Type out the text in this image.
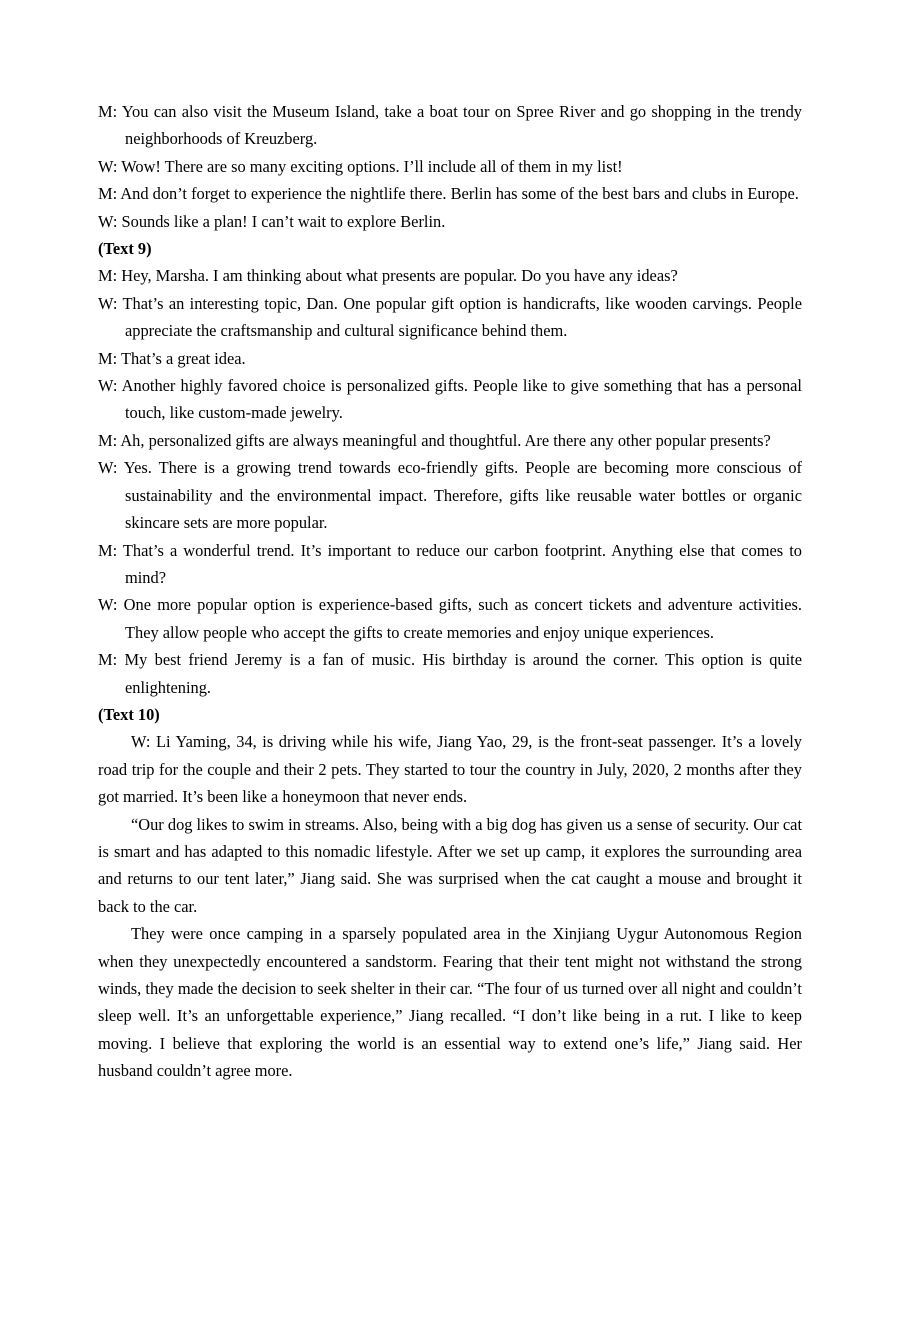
M: You can also visit the Museum Island, take a boat tour on Spree River and go shopping in the trendy neighborhoods of Kreuzberg.

W: Wow! There are so many exciting options. I’ll include all of them in my list!

M: And don’t forget to experience the nightlife there. Berlin has some of the best bars and clubs in Europe.

W: Sounds like a plan! I can’t wait to explore Berlin.

(Text 9)

M: Hey, Marsha. I am thinking about what presents are popular. Do you have any ideas?

W: That’s an interesting topic, Dan. One popular gift option is handicrafts, like wooden carvings. People appreciate the craftsmanship and cultural significance behind them.

M: That’s a great idea.

W: Another highly favored choice is personalized gifts. People like to give something that has a personal touch, like custom-made jewelry.

M: Ah, personalized gifts are always meaningful and thoughtful. Are there any other popular presents?

W: Yes. There is a growing trend towards eco-friendly gifts. People are becoming more conscious of sustainability and the environmental impact. Therefore, gifts like reusable water bottles or organic skincare sets are more popular.

M: That’s a wonderful trend. It’s important to reduce our carbon footprint. Anything else that comes to mind?

W: One more popular option is experience-based gifts, such as concert tickets and adventure activities. They allow people who accept the gifts to create memories and enjoy unique experiences.

M: My best friend Jeremy is a fan of music. His birthday is around the corner. This option is quite enlightening.

(Text 10)

W: Li Yaming, 34, is driving while his wife, Jiang Yao, 29, is the front-seat passenger. It’s a lovely road trip for the couple and their 2 pets. They started to tour the country in July, 2020, 2 months after they got married. It’s been like a honeymoon that never ends.

“Our dog likes to swim in streams. Also, being with a big dog has given us a sense of security. Our cat is smart and has adapted to this nomadic lifestyle. After we set up camp, it explores the surrounding area and returns to our tent later,” Jiang said. She was surprised when the cat caught a mouse and brought it back to the car.

They were once camping in a sparsely populated area in the Xinjiang Uygur Autonomous Region when they unexpectedly encountered a sandstorm. Fearing that their tent might not withstand the strong winds, they made the decision to seek shelter in their car. “The four of us turned over all night and couldn’t sleep well. It’s an unforgettable experience,” Jiang recalled. “I don’t like being in a rut. I like to keep moving. I believe that exploring the world is an essential way to extend one’s life,” Jiang said. Her husband couldn’t agree more.
